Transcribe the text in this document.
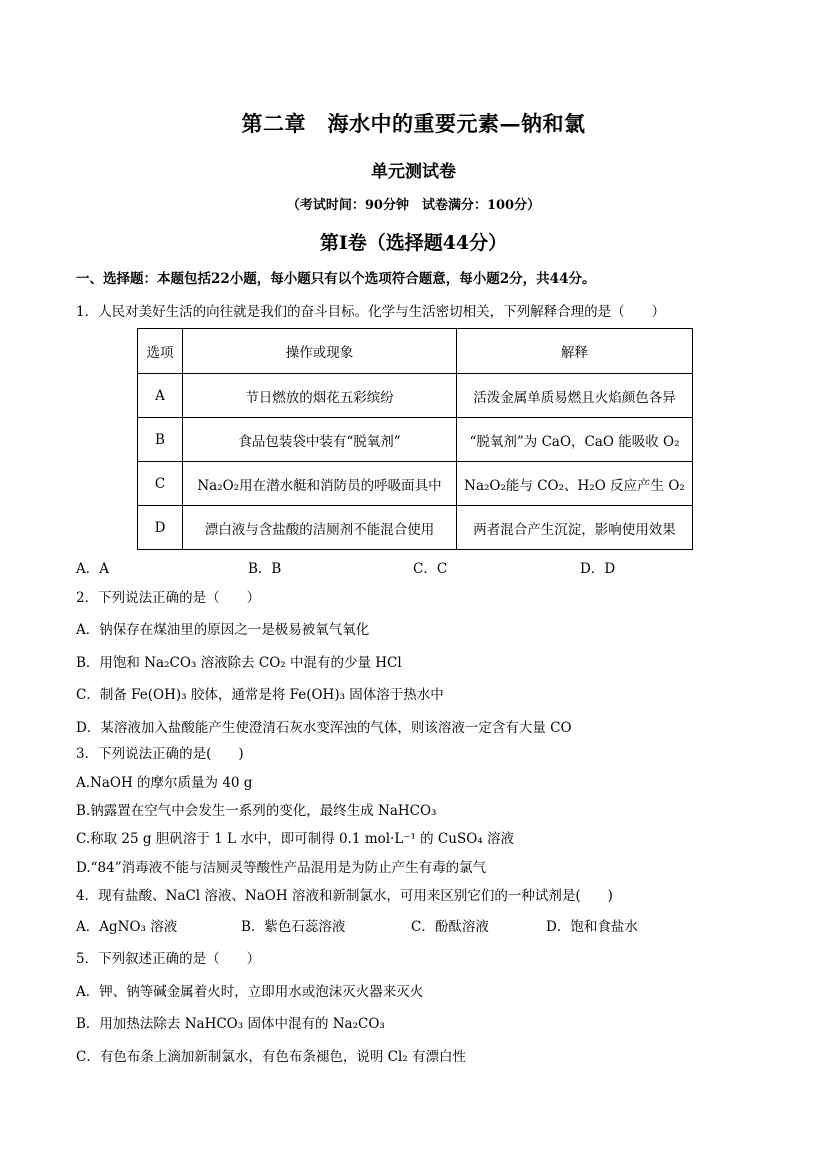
第二章　海水中的重要元素—钠和氯
单元测试卷
（考试时间：90分钟　试卷满分：100分）
第I卷（选择题44分）
一、选择题：本题包括22小题，每小题只有以个选项符合题意，每小题2分，共44分。
1．人民对美好生活的向往就是我们的奋斗目标。化学与生活密切相关，下列解释合理的是（　　）
选项	操作或现象	解释
A	节日燃放的烟花五彩缤纷	活泼金属单质易燃且火焰颜色各异
B	食品包装袋中装有“脱氧剂”	“脱氧剂”为 CaO，CaO 能吸收 O₂
C	Na₂O₂用在潜水艇和消防员的呼吸面具中	Na₂O₂能与 CO₂、H₂O 反应产生 O₂
D	漂白液与含盐酸的洁厕剂不能混合使用	两者混合产生沉淀，影响使用效果
A．A	B．B	C．C	D．D
2．下列说法正确的是（　　）
A．钠保存在煤油里的原因之一是极易被氧气氧化
B．用饱和 Na₂CO₃ 溶液除去 CO₂ 中混有的少量 HCl
C．制备 Fe(OH)₃ 胶体，通常是将 Fe(OH)₃ 固体溶于热水中
D．某溶液加入盐酸能产生使澄清石灰水变浑浊的气体，则该溶液一定含有大量 CO
3．下列说法正确的是(　　)
A.NaOH 的摩尔质量为 40 g
B.钠露置在空气中会发生一系列的变化，最终生成 NaHCO₃
C.称取 25 g 胆矾溶于 1 L 水中，即可制得 0.1 mol·L⁻¹ 的 CuSO₄ 溶液
D.“84”消毒液不能与洁厕灵等酸性产品混用是为防止产生有毒的氯气
4．现有盐酸、NaCl 溶液、NaOH 溶液和新制氯水，可用来区别它们的一种试剂是(　　)
A．AgNO₃ 溶液	B．紫色石蕊溶液	C．酚酞溶液	D．饱和食盐水
5．下列叙述正确的是（　　）
A．钾、钠等碱金属着火时，立即用水或泡沫灭火器来灭火
B．用加热法除去 NaHCO₃ 固体中混有的 Na₂CO₃
C．有色布条上滴加新制氯水，有色布条褪色，说明 Cl₂ 有漂白性
